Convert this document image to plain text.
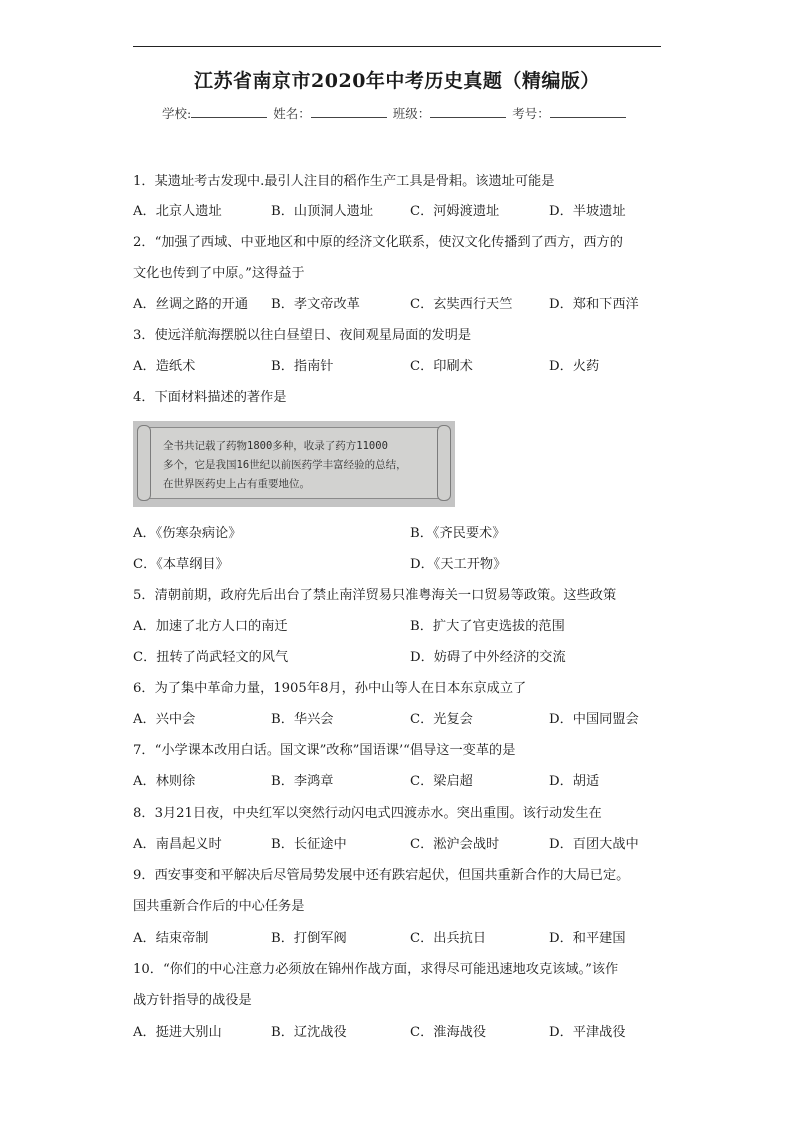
江苏省南京市2020年中考历史真题（精编版）
学校:	姓名：	班级：	考号：
1．某遗址考古发现中.最引人注目的稻作生产工具是骨耜。该遗址可能是
A．北京人遗址	B．山顶洞人遗址	C．河姆渡遗址	D．半坡遗址
2．“加强了西域、中亚地区和中原的经济文化联系，使汉文化传播到了西方，西方的
文化也传到了中原。”这得益于
A．丝调之路的开通 B．孝文帝改革	C．玄奘西行天竺	D．郑和下西洋
3．使远洋航海摆脱以往白昼望日、夜间观星局面的发明是
A．造纸术	B．指南针	C．印刷术	D．火药
4．下面材料描述的著作是
全书共记载了药物1800多种，收录了药方11000
多个，它是我国16世纪以前医药学丰富经验的总结，
在世界医药史上占有重要地位。
A．《伤寒杂病论》	B．《齐民要术》
C．《本草纲目》	D．《天工开物》
5．清朝前期，政府先后出台了禁止南洋贸易只准粤海关一口贸易等政策。这些政策
A．加速了北方人口的南迁	B．扩大了官吏选拔的范围
C．扭转了尚武轻文的风气	D．妨碍了中外经济的交流
6．为了集中革命力量，1905年8月，孙中山等人在日本东京成立了
A．兴中会	B．华兴会	C．光复会	D．中国同盟会
7．“小学课本改用白话。国文课”改称”国语课’“倡导这一变革的是
A．林则徐	B．李鸿章	C．梁启超	D．胡适
8．3月21日夜，中央红军以突然行动闪电式四渡赤水。突出重围。该行动发生在
A．南昌起义时	B．长征途中	C．淞沪会战时	D．百团大战中
9．西安事变和平解决后尽管局势发展中还有跌宕起伏，但国共重新合作的大局已定。
国共重新合作后的中心任务是
A．结束帝制	B．打倒军阀	C．出兵抗日	D．和平建国
10．“你们的中心注意力必须放在锦州作战方面，求得尽可能迅速地攻克该域。”该作
战方针指导的战役是
A．挺进大别山	B．辽沈战役	C．淮海战役	D．平津战役
